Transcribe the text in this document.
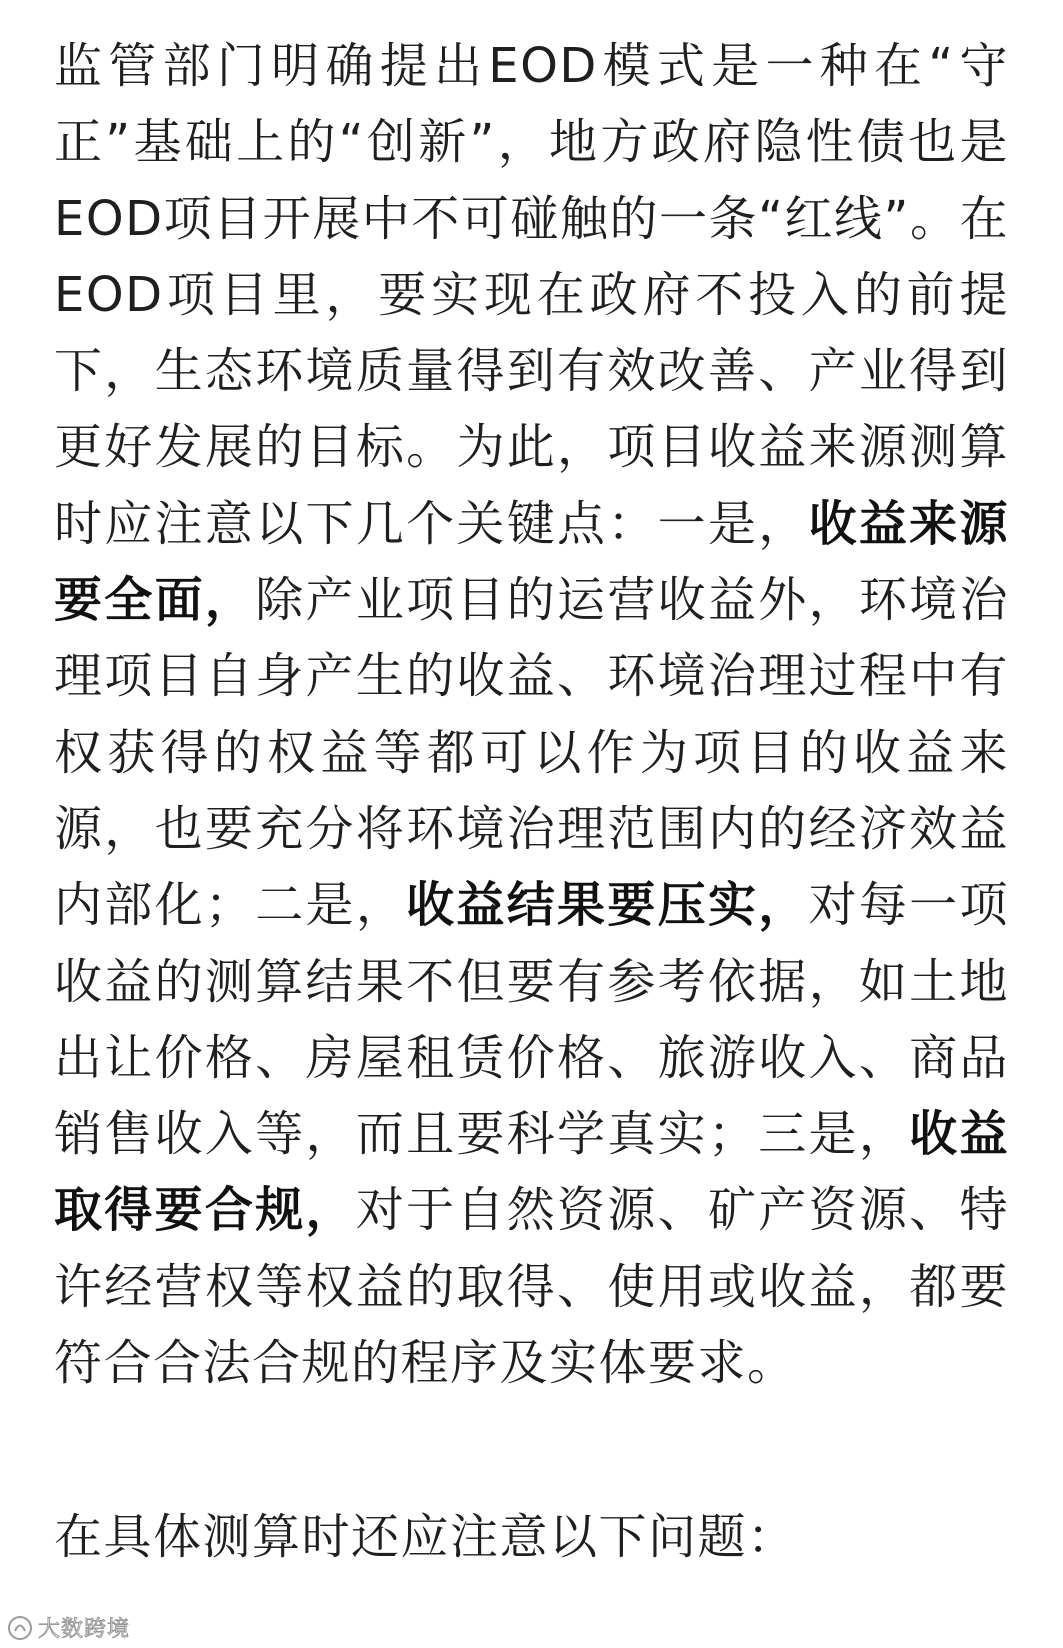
监管部门明确提出EOD模式是一种在“守正”基础上的“创新”，地方政府隐性债也是EOD项目开展中不可碰触的一条“红线”。在EOD项目里，要实现在政府不投入的前提下，生态环境质量得到有效改善、产业得到更好发展的目标。为此，项目收益来源测算时应注意以下几个关键点：一是，收益来源要全面，除产业项目的运营收益外，环境治理项目自身产生的收益、环境治理过程中有权获得的权益等都可以作为项目的收益来源，也要充分将环境治理范围内的经济效益内部化；二是，收益结果要压实，对每一项收益的测算结果不但要有参考依据，如土地出让价格、房屋租赁价格、旅游收入、商品销售收入等，而且要科学真实；三是，收益取得要合规，对于自然资源、矿产资源、特许经营权等权益的取得、使用或收益，都要符合合法合规的程序及实体要求。

在具体测算时还应注意以下问题：

大数跨境
